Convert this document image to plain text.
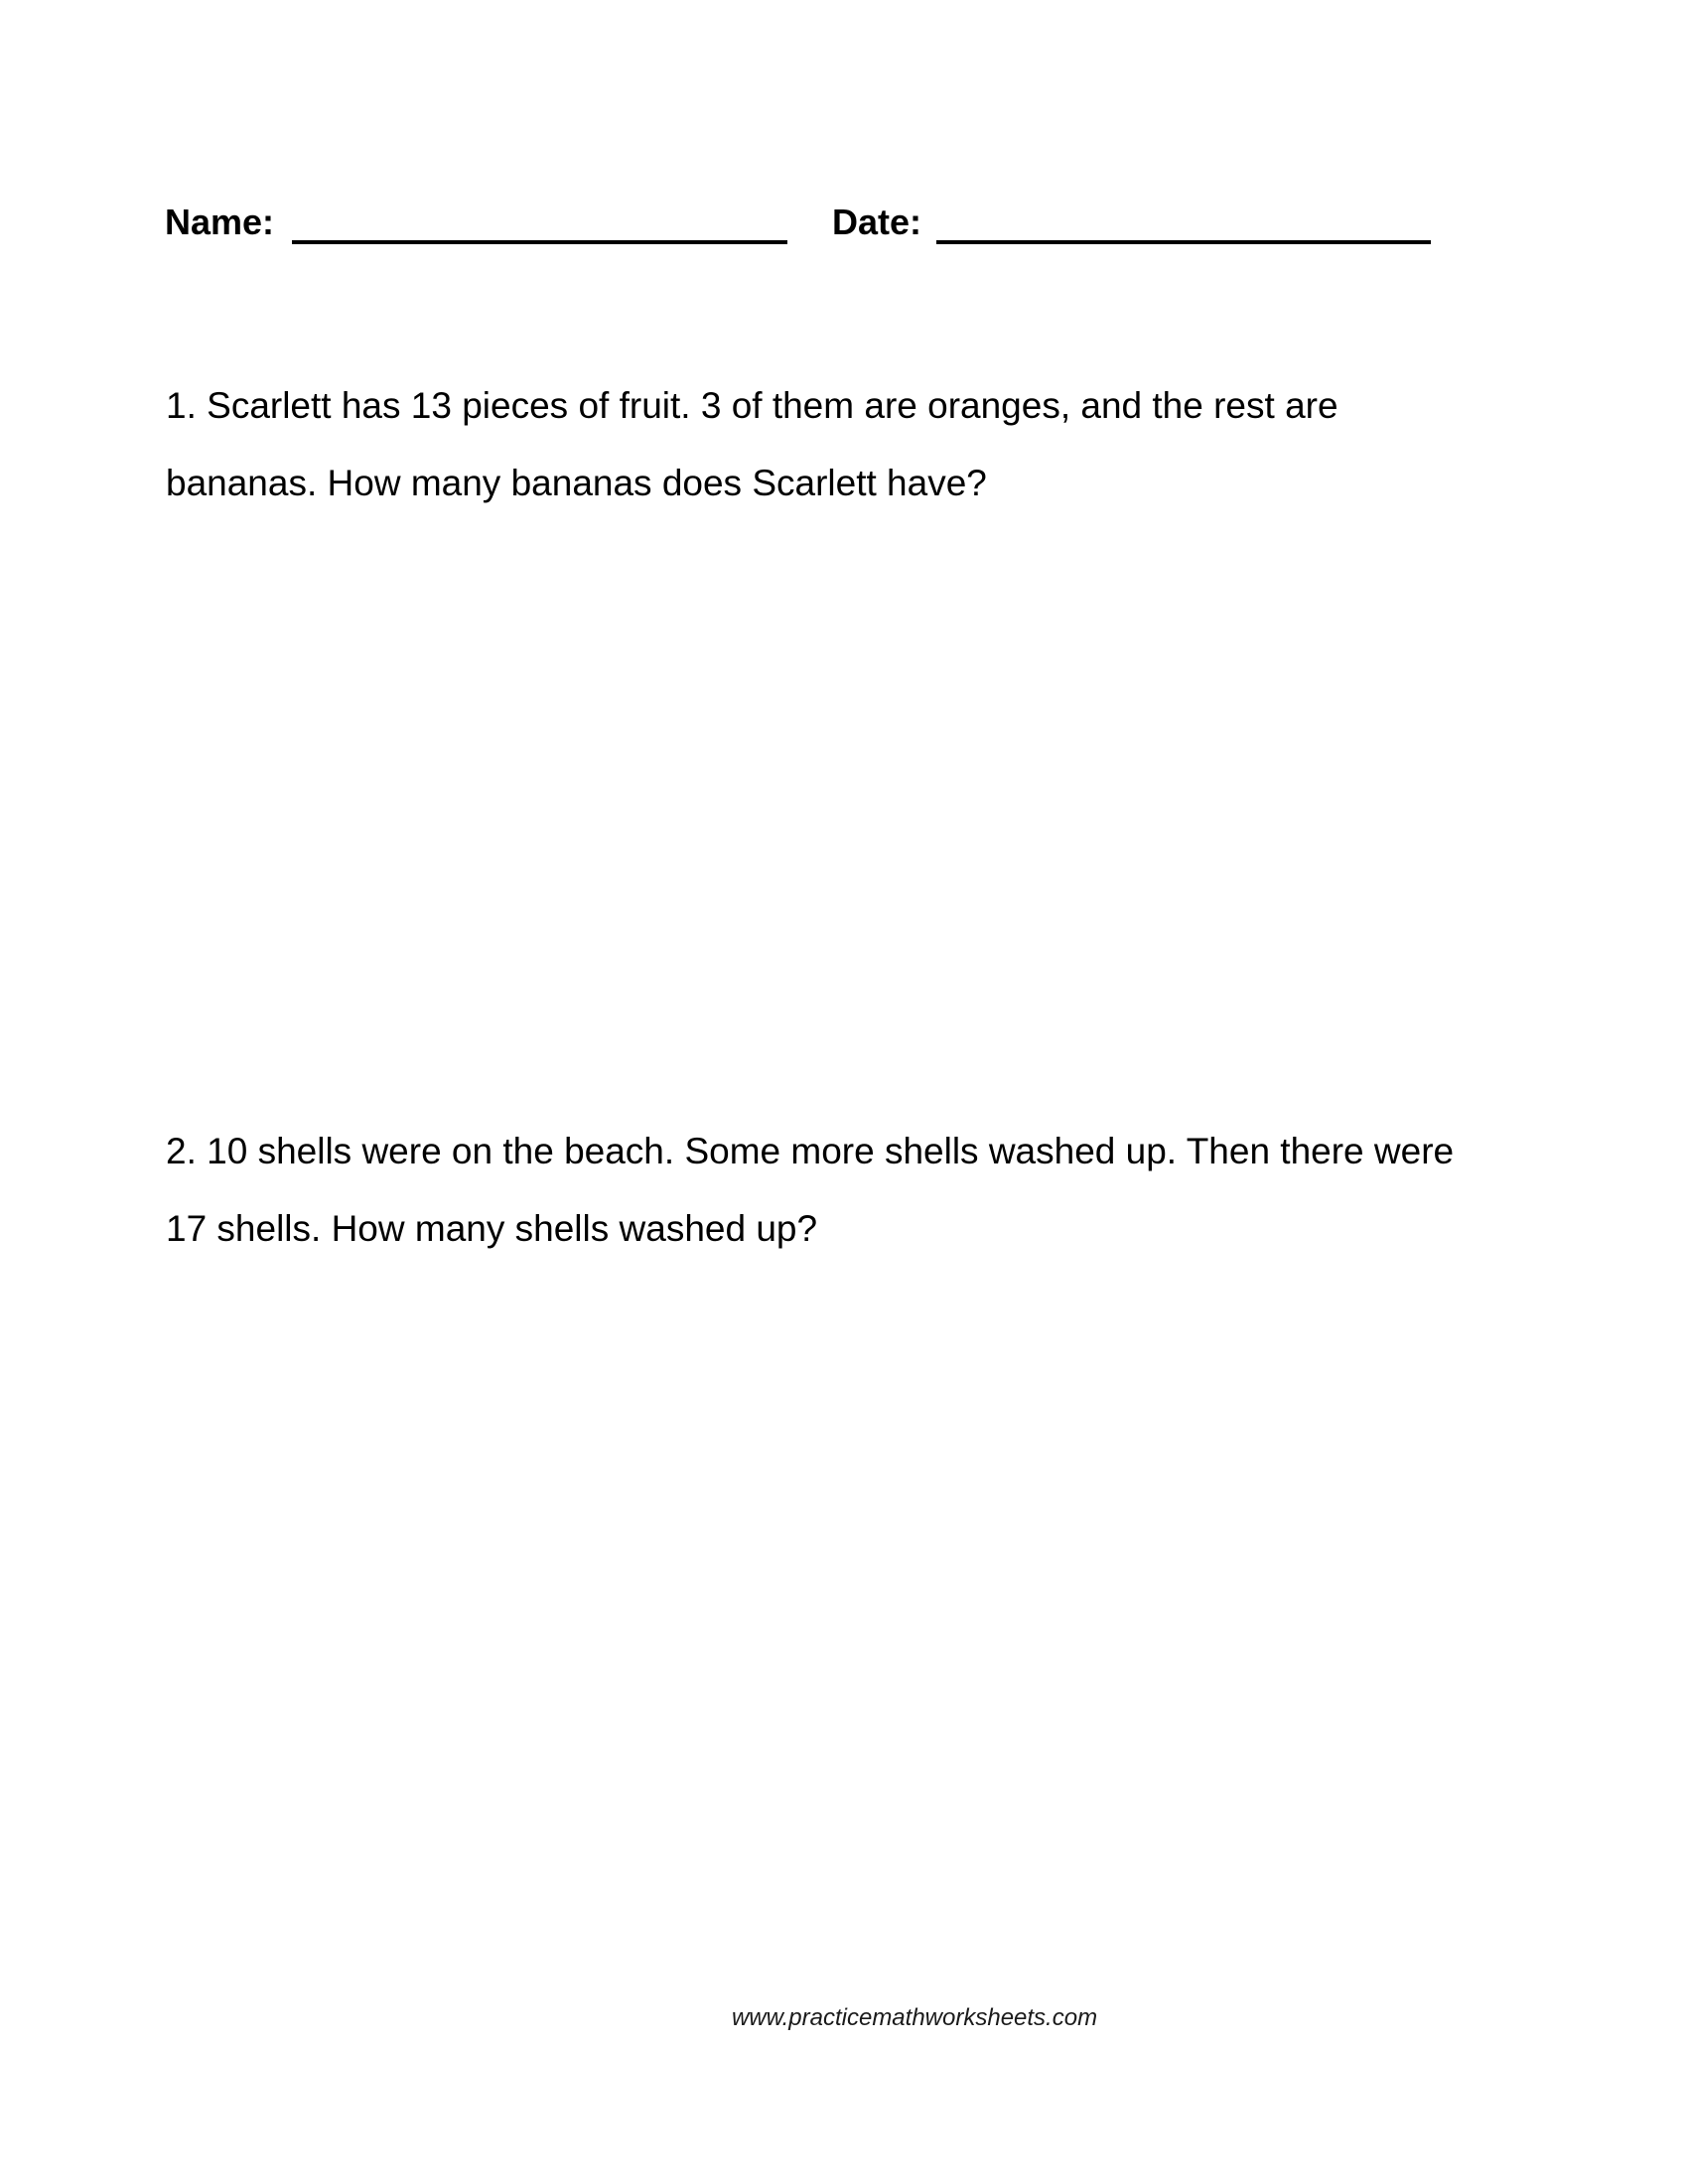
Name:	Date:
1. Scarlett has 13 pieces of fruit. 3 of them are oranges, and the rest are
bananas. How many bananas does Scarlett have?
2. 10 shells were on the beach. Some more shells washed up. Then there were
17 shells. How many shells washed up?
www.practicemathworksheets.com
